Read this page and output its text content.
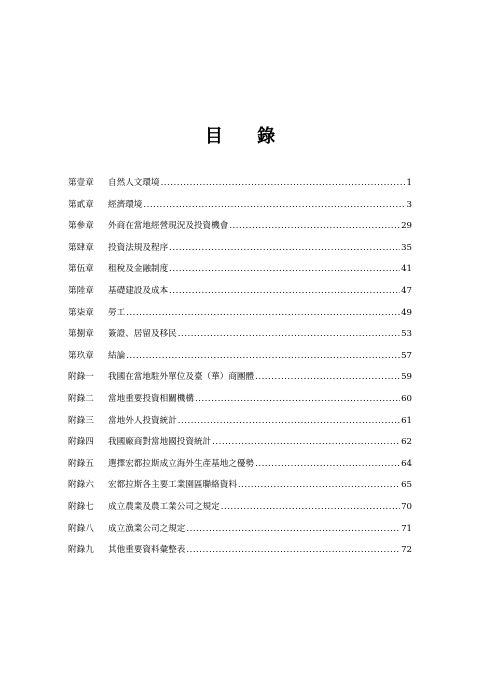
目 錄
第壹章	自然人文環境 .....	1
第貳章	經濟環境 .....	3
第參章	外商在當地經營現況及投資機會 .....	29
第肆章	投資法規及程序 .....	35
第伍章	租稅及金融制度 .....	41
第陸章	基礎建設及成本 .....	47
第柒章	勞工 .....	49
第捌章	簽證、居留及移民 .....	53
第玖章	結論 .....	57
附錄一	我國在當地駐外單位及臺（華）商團體 .....	59
附錄二	當地重要投資相關機構 .....	60
附錄三	當地外人投資統計 .....	61
附錄四	我國廠商對當地國投資統計 .....	62
附錄五	選擇宏都拉斯成立海外生產基地之優勢 .....	64
附錄六	宏都拉斯各主要工業園區聯絡資料 .....	65
附錄七	成立農業及農工業公司之規定 .....	70
附錄八	成立漁業公司之規定 .....	71
附錄九	其他重要資料彙整表 .....	72
